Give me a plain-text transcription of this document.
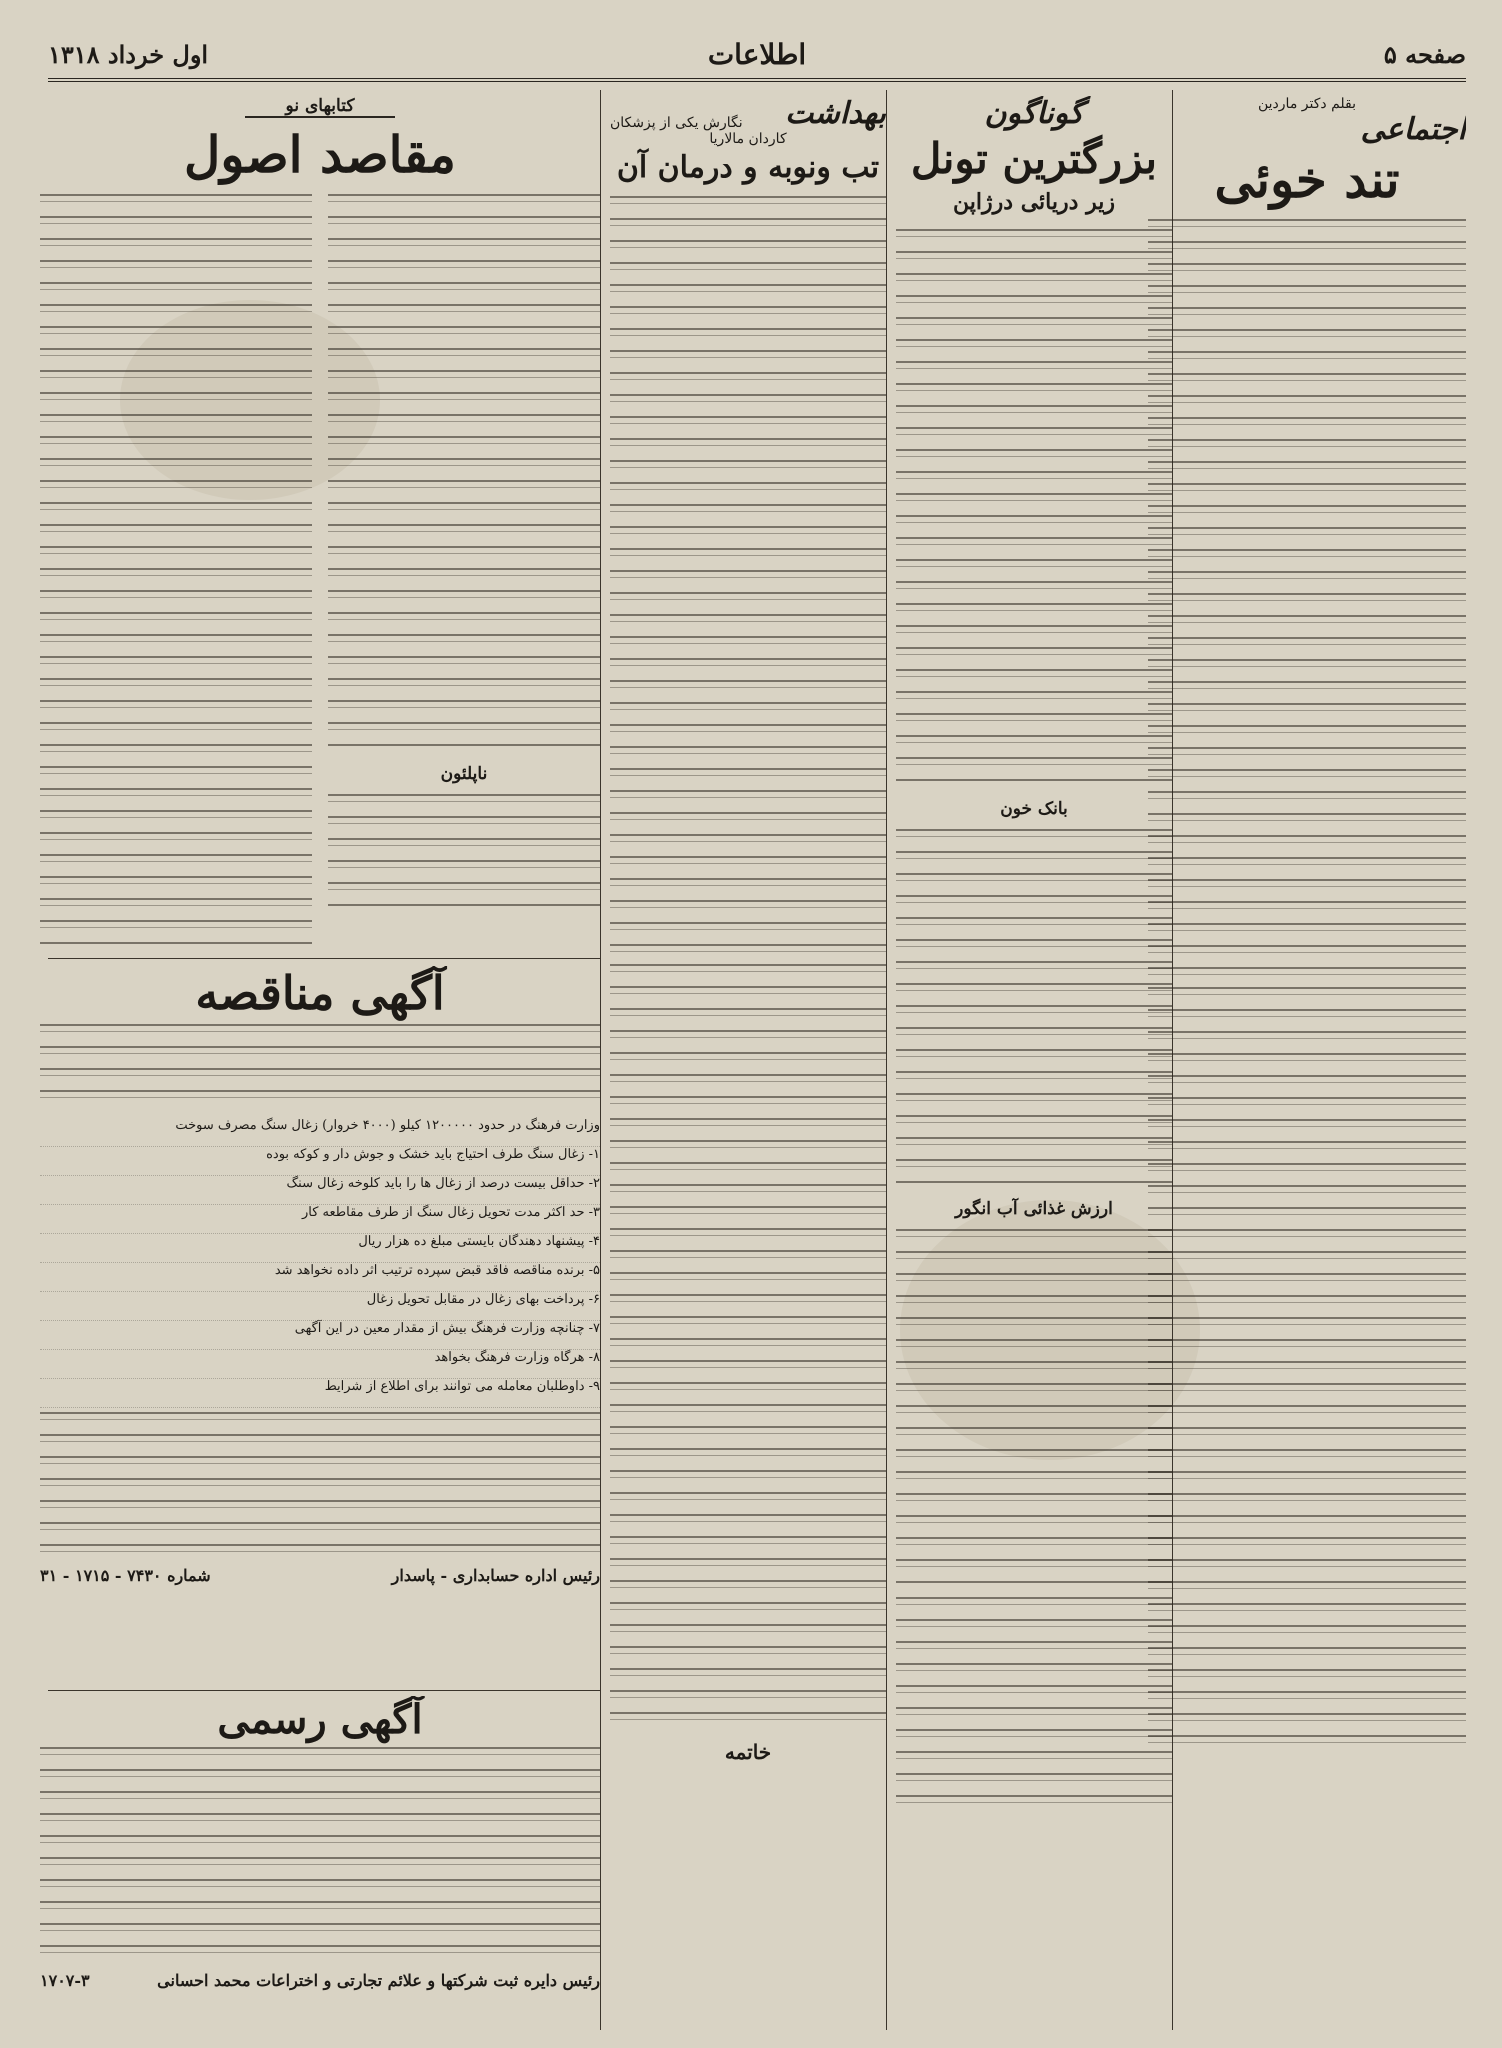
صفحه ۵
اطلاعات
اول خرداد ۱۳۱۸

بقلم دکتر ماردین

اجتماعی

تند خوئی

گوناگون

بزرگترین تونل

زیر دریائی درژاپن

بانک خون

ارزش غذائی آب انگور

بهداشت

نگارش یکی از پزشکان

کاردان مالاریا

تب ونوبه و درمان آن

خاتمه

کتابهای نو
مقاصد اصول

ناپلئون

آگهی مناقصه

وزارت فرهنگ در حدود ۱۲۰۰۰۰۰ کیلو (۴۰۰۰ خروار) زغال سنگ مصرف سوخت

۱- زغال سنگ طرف احتیاج باید خشک و جوش دار و کوکه بوده

۲- حداقل بیست درصد از زغال ها را باید کلوخه زغال سنگ

۳- حد اکثر مدت تحویل زغال سنگ از طرف مقاطعه کار

۴- پیشنهاد دهندگان بایستی مبلغ ده هزار ریال

۵- برنده مناقصه فاقد قبض سپرده ترتیب اثر داده نخواهد شد

۶- پرداخت بهای زغال در مقابل تحویل زغال

۷- چنانچه وزارت فرهنگ بیش از مقدار معین در این آگهی

۸- هرگاه وزارت فرهنگ بخواهد

۹- داوطلبان معامله می توانند برای اطلاع از شرایط

رئیس اداره حسابداری - پاسدار
شماره ۷۴۳۰ - ۱۷۱۵ - ۳۱
آگهی رسمی
رئیس دایره ثبت شرکتها و علائم تجارتی و اختراعات محمد احسانی
۱۷۰۷-۳
